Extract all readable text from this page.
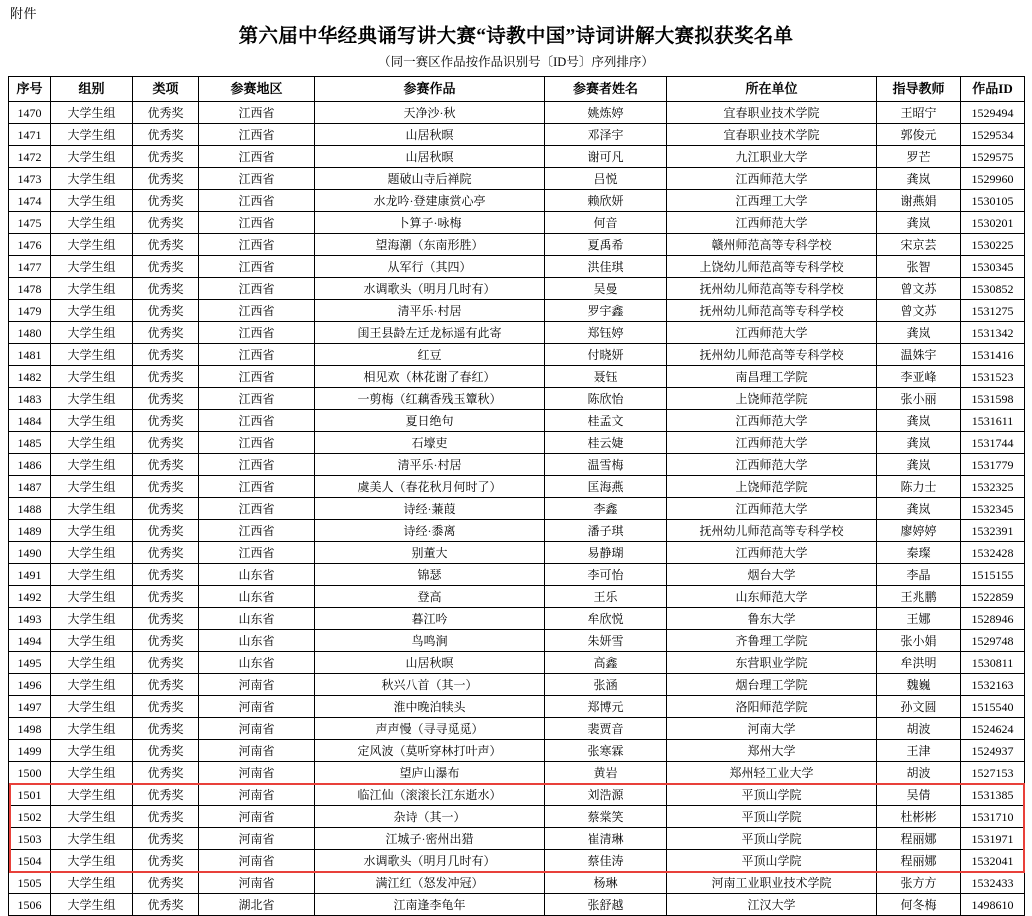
附件
第六届中华经典诵写讲大赛“诗教中国”诗词讲解大赛拟获奖名单
（同一赛区作品按作品识别号〔ID号〕序列排序）
序号	组别	类项	参赛地区	参赛作品	参赛者姓名	所在单位	指导教师	作品ID
1470	大学生组	优秀奖	江西省	天净沙·秋	姚炼婷	宜春职业技术学院	王昭宁	1529494
1471	大学生组	优秀奖	江西省	山居秋暝	邓泽宇	宜春职业技术学院	郭俊元	1529534
1472	大学生组	优秀奖	江西省	山居秋暝	谢可凡	九江职业大学	罗芒	1529575
1473	大学生组	优秀奖	江西省	题破山寺后禅院	吕悦	江西师范大学	龚岚	1529960
1474	大学生组	优秀奖	江西省	水龙吟·登建康赏心亭	赖欣妍	江西理工大学	谢燕娟	1530105
1475	大学生组	优秀奖	江西省	卜算子·咏梅	何音	江西师范大学	龚岚	1530201
1476	大学生组	优秀奖	江西省	望海潮（东南形胜）	夏禹希	赣州师范高等专科学校	宋京芸	1530225
1477	大学生组	优秀奖	江西省	从军行（其四）	洪佳琪	上饶幼儿师范高等专科学校	张智	1530345
1478	大学生组	优秀奖	江西省	水调歌头（明月几时有）	吴曼	抚州幼儿师范高等专科学校	曾文苏	1530852
1479	大学生组	优秀奖	江西省	清平乐·村居	罗宇鑫	抚州幼儿师范高等专科学校	曾文苏	1531275
1480	大学生组	优秀奖	江西省	闺王县龄左迁龙标遥有此寄	郑钰婷	江西师范大学	龚岚	1531342
1481	大学生组	优秀奖	江西省	红豆	付晓妍	抚州幼儿师范高等专科学校	温姝宇	1531416
1482	大学生组	优秀奖	江西省	相见欢（林花谢了春红）	聂钰	南昌理工学院	李亚峰	1531523
1483	大学生组	优秀奖	江西省	一剪梅（红藕香残玉簟秋）	陈欣怡	上饶师范学院	张小丽	1531598
1484	大学生组	优秀奖	江西省	夏日绝句	桂孟文	江西师范大学	龚岚	1531611
1485	大学生组	优秀奖	江西省	石壕吏	桂云婕	江西师范大学	龚岚	1531744
1486	大学生组	优秀奖	江西省	清平乐·村居	温雪梅	江西师范大学	龚岚	1531779
1487	大学生组	优秀奖	江西省	虞美人（春花秋月何时了）	匡海燕	上饶师范学院	陈力士	1532325
1488	大学生组	优秀奖	江西省	诗经·蒹葭	李鑫	江西师范大学	龚岚	1532345
1489	大学生组	优秀奖	江西省	诗经·黍离	潘子琪	抚州幼儿师范高等专科学校	廖婷婷	1532391
1490	大学生组	优秀奖	江西省	别董大	易静瑚	江西师范大学	秦璨	1532428
1491	大学生组	优秀奖	山东省	锦瑟	李可怡	烟台大学	李晶	1515155
1492	大学生组	优秀奖	山东省	登高	王乐	山东师范大学	王兆鹏	1522859
1493	大学生组	优秀奖	山东省	暮江吟	牟欣悦	鲁东大学	王娜	1528946
1494	大学生组	优秀奖	山东省	鸟鸣涧	朱妍雪	齐鲁理工学院	张小娟	1529748
1495	大学生组	优秀奖	山东省	山居秋暝	高鑫	东营职业学院	牟洪明	1530811
1496	大学生组	优秀奖	河南省	秋兴八首（其一）	张涵	烟台理工学院	魏巍	1532163
1497	大学生组	优秀奖	河南省	淮中晚泊犊头	郑博元	洛阳师范学院	孙文圆	1515540
1498	大学生组	优秀奖	河南省	声声慢（寻寻觅觅）	裴贾音	河南大学	胡波	1524624
1499	大学生组	优秀奖	河南省	定风波（莫听穿林打叶声）	张寒霖	郑州大学	王津	1524937
1500	大学生组	优秀奖	河南省	望庐山瀑布	黄岩	郑州轻工业大学	胡波	1527153
1501	大学生组	优秀奖	河南省	临江仙（滚滚长江东逝水）	刘浩源	平顶山学院	吴倩	1531385
1502	大学生组	优秀奖	河南省	杂诗（其一）	蔡棠笑	平顶山学院	杜彬彬	1531710
1503	大学生组	优秀奖	河南省	江城子·密州出猎	崔清琳	平顶山学院	程丽娜	1531971
1504	大学生组	优秀奖	河南省	水调歌头（明月几时有）	蔡佳涛	平顶山学院	程丽娜	1532041
1505	大学生组	优秀奖	河南省	满江红（怒发冲冠）	杨琳	河南工业职业技术学院	张方方	1532433
1506	大学生组	优秀奖	湖北省	江南逢李龟年	张舒越	江汉大学	何冬梅	1498610
